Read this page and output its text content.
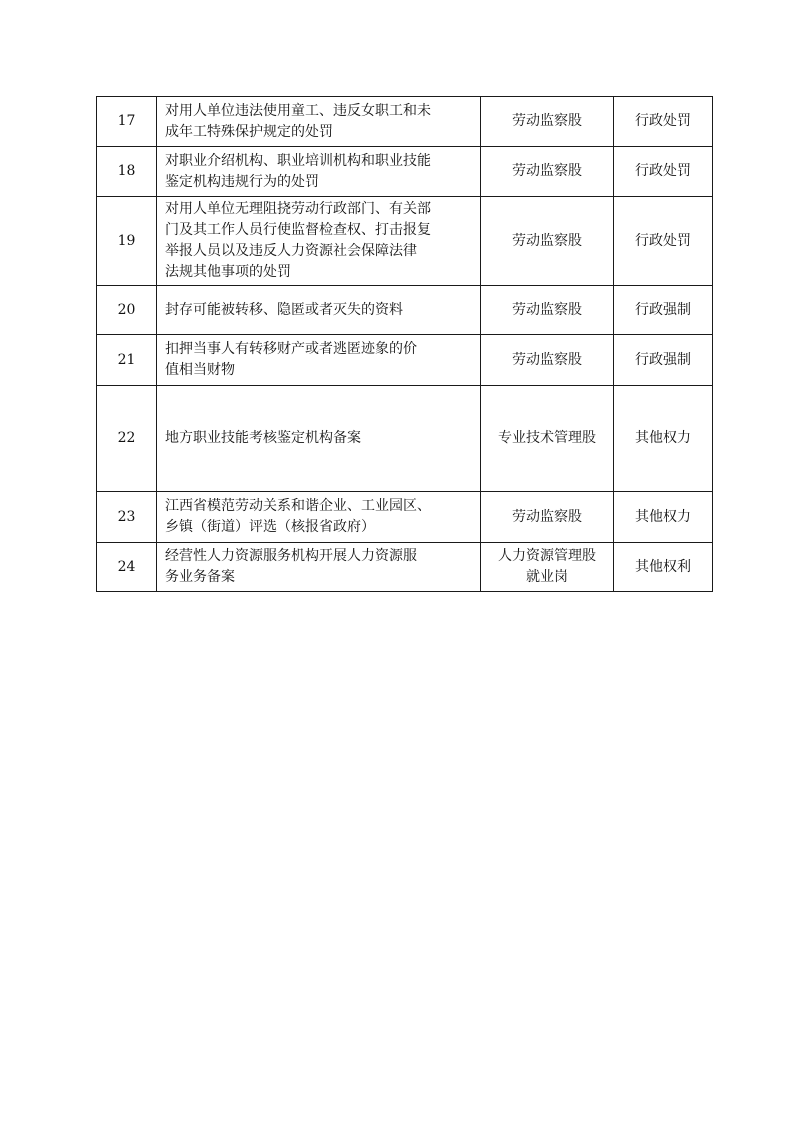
17	对用人单位违法使用童工、违反女职工和未
成年工特殊保护规定的处罚	劳动监察股	行政处罚
18	对职业介绍机构、职业培训机构和职业技能
鉴定机构违规行为的处罚	劳动监察股	行政处罚
19	对用人单位无理阻挠劳动行政部门、有关部
门及其工作人员行使监督检查权、打击报复
举报人员以及违反人力资源社会保障法律
法规其他事项的处罚	劳动监察股	行政处罚
20	封存可能被转移、隐匿或者灭失的资料	劳动监察股	行政强制
21	扣押当事人有转移财产或者逃匿迹象的价
值相当财物	劳动监察股	行政强制
22	地方职业技能考核鉴定机构备案	专业技术管理股	其他权力
23	江西省模范劳动关系和谐企业、工业园区、
乡镇（街道）评选（核报省政府）	劳动监察股	其他权力
24	经营性人力资源服务机构开展人力资源服
务业务备案	人力资源管理股
就业岗	其他权利
